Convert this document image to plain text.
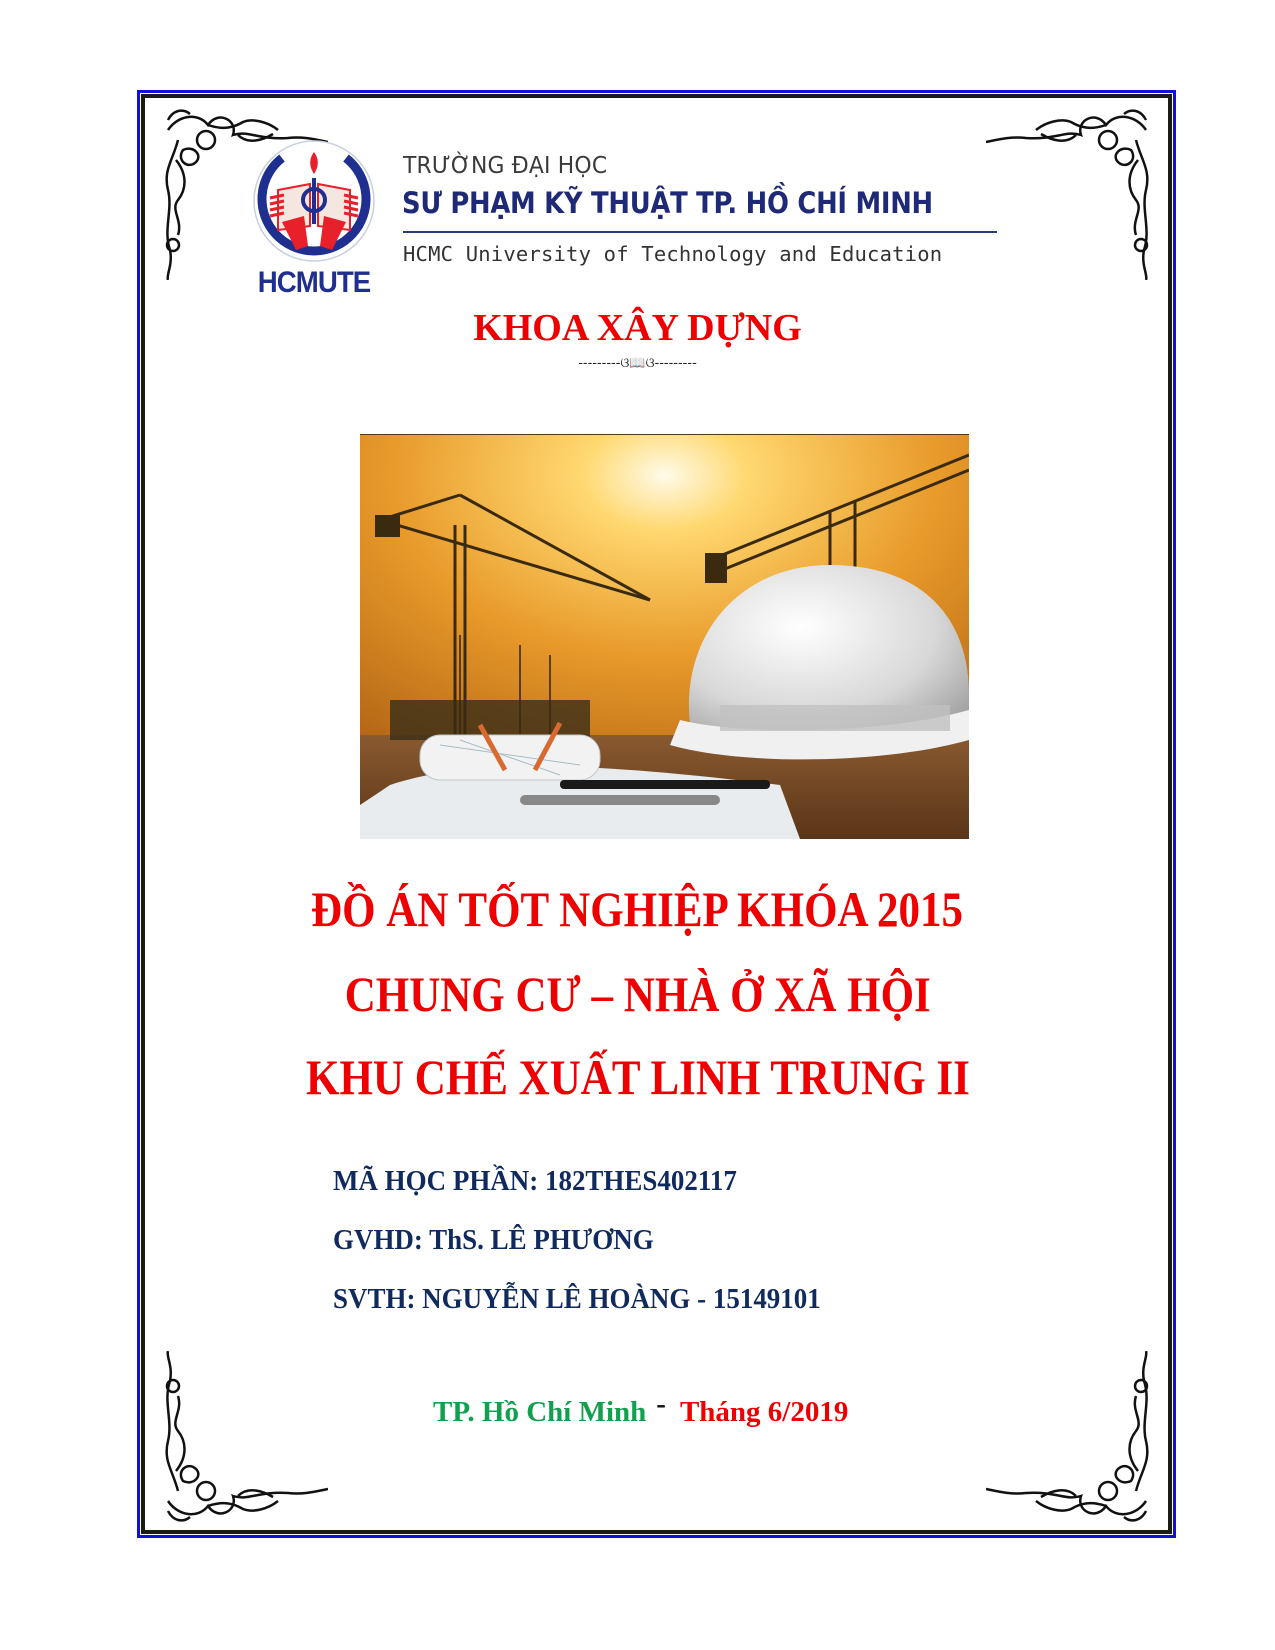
HCMUTE
TRƯỜNG ĐẠI HỌC
SƯ PHẠM KỸ THUẬT TP. HỒ CHÍ MINH
HCMC University of Technology and Education
KHOA XÂY DỰNG
---------ଓ📖ଓ---------
ĐỒ ÁN TỐT NGHIỆP KHÓA 2015
CHUNG CƯ – NHÀ Ở XÃ HỘI
KHU CHẾ XUẤT LINH TRUNG II
MÃ HỌC PHẦN: 182THES402117
GVHD: ThS. LÊ PHƯƠNG
SVTH: NGUYỄN LÊ HOÀNG - 15149101
TP. Hồ Chí Minh - Tháng 6/2019
